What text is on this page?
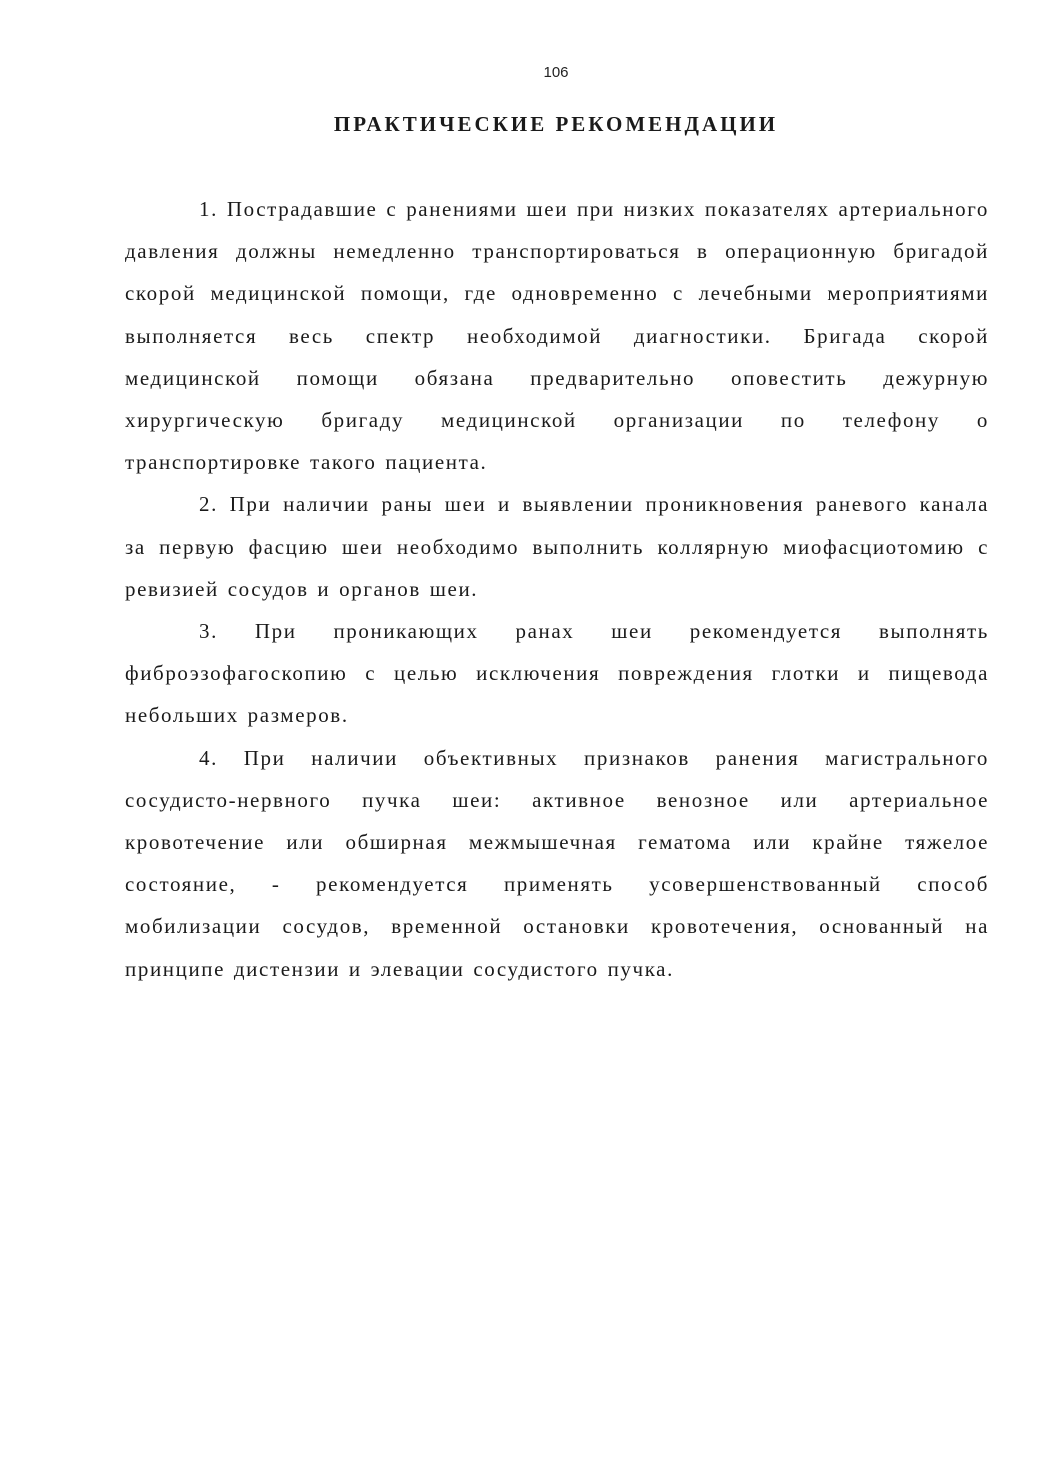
106
ПРАКТИЧЕСКИЕ РЕКОМЕНДАЦИИ

1. Пострадавшие с ранениями шеи при низких показателях артериального давления должны немедленно транспортироваться в операционную бригадой скорой медицинской помощи, где одновременно с лечебными мероприятиями выполняется весь спектр необходимой диагностики. Бригада скорой медицинской помощи обязана предварительно оповестить дежурную хирургическую бригаду медицинской организации по телефону о транспортировке такого пациента.

2. При наличии раны шеи и выявлении проникновения раневого канала за первую фасцию шеи необходимо выполнить коллярную миофасциотомию с ревизией сосудов и органов шеи.

3. При проникающих ранах шеи рекомендуется выполнять фиброэзофагоскопию с целью исключения повреждения глотки и пищевода небольших размеров.

4. При наличии объективных признаков ранения магистрального сосудисто-нервного пучка шеи: активное венозное или артериальное кровотечение или обширная межмышечная гематома или крайне тяжелое состояние, - рекомендуется применять усовершенствованный способ мобилизации сосудов, временной остановки кровотечения, основанный на принципе дистензии и элевации сосудистого пучка.
